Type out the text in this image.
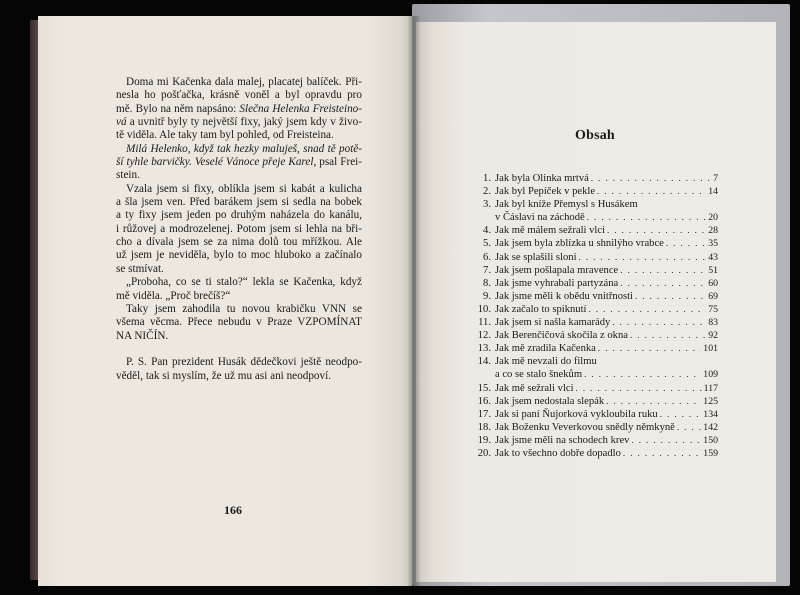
Doma mi Kačenka dala malej, placatej balíček. Při-
nesla ho pošťačka, krásně voněl a byl opravdu pro
mě. Bylo na něm napsáno: Slečna Helenka Freisteino-
vá a uvnitř byly ty největší fixy, jaký jsem kdy v živo-
tě viděla. Ale taky tam byl pohled, od Freisteina.
Milá Helenko, když tak hezky maluješ, snad tě potě-
ší tyhle barvičky. Veselé Vánoce přeje Karel, psal Frei-
stein.
Vzala jsem si fixy, oblíkla jsem si kabát a kulicha
a šla jsem ven. Před barákem jsem si sedla na bobek
a ty fixy jsem jeden po druhým naházela do kanálu,
i růžovej a modrozelenej. Potom jsem si lehla na bři-
cho a dívala jsem se za nima dolů tou mřížkou. Ale
už jsem je neviděla, bylo to moc hluboko a začínalo
se stmívat.
„Proboha, co se ti stalo?“ lekla se Kačenka, když
mě viděla. „Proč brečíš?“
Taky jsem zahodila tu novou krabičku VNN se
všema věcma. Přece nebudu v Praze VZPOMÍNAT
NA NIČÍN.
P. S. Pan prezident Husák dědečkovi ještě neodpo-
věděl, tak si myslím, že už mu asi ani neodpoví.
166
Obsah
1. Jak byla Olinka mrtvá . . .	7
2. Jak byl Pepíček v pekle . . .	14
3. Jak byl kníže Přemysl s Husákem
v Čáslavi na záchodě . . .	20
4. Jak mě málem sežrali vlci . . .	28
5. Jak jsem byla zblízka u shnilýho vrabce . . .	35
6. Jak se splašili sloni . . .	43
7. Jak jsem pošlapala mravence . . .	51
8. Jak jsme vyhrabali partyzána . . .	60
9. Jak jsme měli k obědu vnitřnosti . . .	69
10. Jak začalo to spiknutí . . .	75
11. Jak jsem si našla kamarády . . .	83
12. Jak Berenčičová skočila z okna . . .	92
13. Jak mě zradila Kačenka . . .	101
14. Jak mě nevzali do filmu
a co se stalo šnekům . . .	109
15. Jak mě sežrali vlci . . .	117
16. Jak jsem nedostala slepák . . .	125
17. Jak si paní Ňujorková vykloubila ruku . . .	134
18. Jak Boženku Veverkovou snědly němkyně . . .	142
19. Jak jsme měli na schodech krev . . .	150
20. Jak to všechno dobře dopadlo . . .	159
